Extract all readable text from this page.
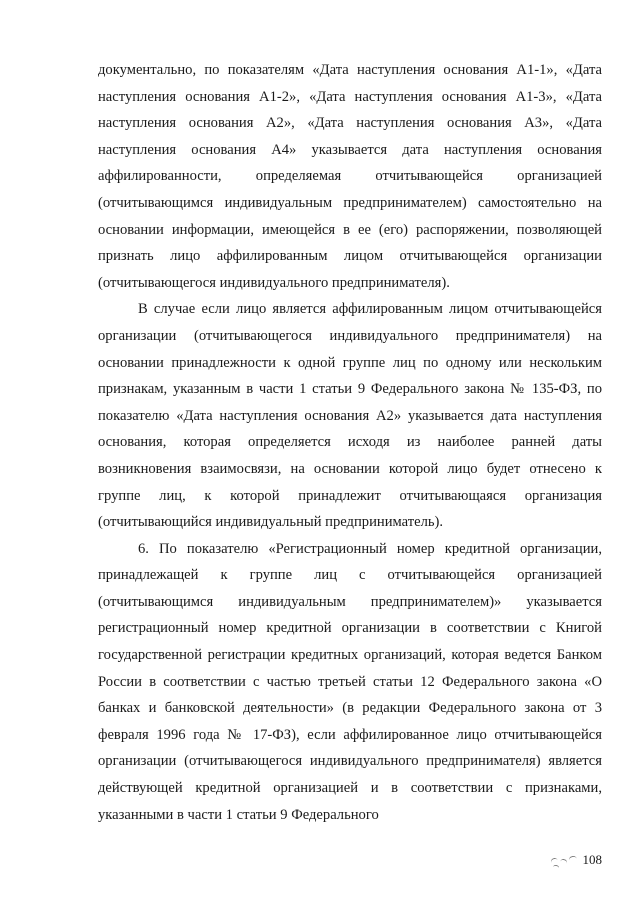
документально, по показателям «Дата наступления основания А1-1», «Дата наступления основания А1-2», «Дата наступления основания А1-3», «Дата наступления основания А2», «Дата наступления основания А3», «Дата наступления основания А4» указывается дата наступления основания аффилированности, определяемая отчитывающейся организацией (отчитывающимся индивидуальным предпринимателем) самостоятельно на основании информации, имеющейся в ее (его) распоряжении, позволяющей признать лицо аффилированным лицом отчитывающейся организации (отчитывающегося индивидуального предпринимателя).

В случае если лицо является аффилированным лицом отчитывающейся организации (отчитывающегося индивидуального предпринимателя) на основании принадлежности к одной группе лиц по одному или нескольким признакам, указанным в части 1 статьи 9 Федерального закона № 135-ФЗ, по показателю «Дата наступления основания А2» указывается дата наступления основания, которая определяется исходя из наиболее ранней даты возникновения взаимосвязи, на основании которой лицо будет отнесено к группе лиц, к которой принадлежит отчитывающаяся организация (отчитывающийся индивидуальный предприниматель).

6. По показателю «Регистрационный номер кредитной организации, принадлежащей к группе лиц с отчитывающейся организацией (отчитывающимся индивидуальным предпринимателем)» указывается регистрационный номер кредитной организации в соответствии с Книгой государственной регистрации кредитных организаций, которая ведется Банком России в соответствии с частью третьей статьи 12 Федерального закона «О банках и банковской деятельности» (в редакции Федерального закона от 3 февраля 1996 года № 17-ФЗ), если аффилированное лицо отчитывающейся организации (отчитывающегося индивидуального предпринимателя) является действующей кредитной организацией и в соответствии с признаками, указанными в части 1 статьи 9 Федерального

108
